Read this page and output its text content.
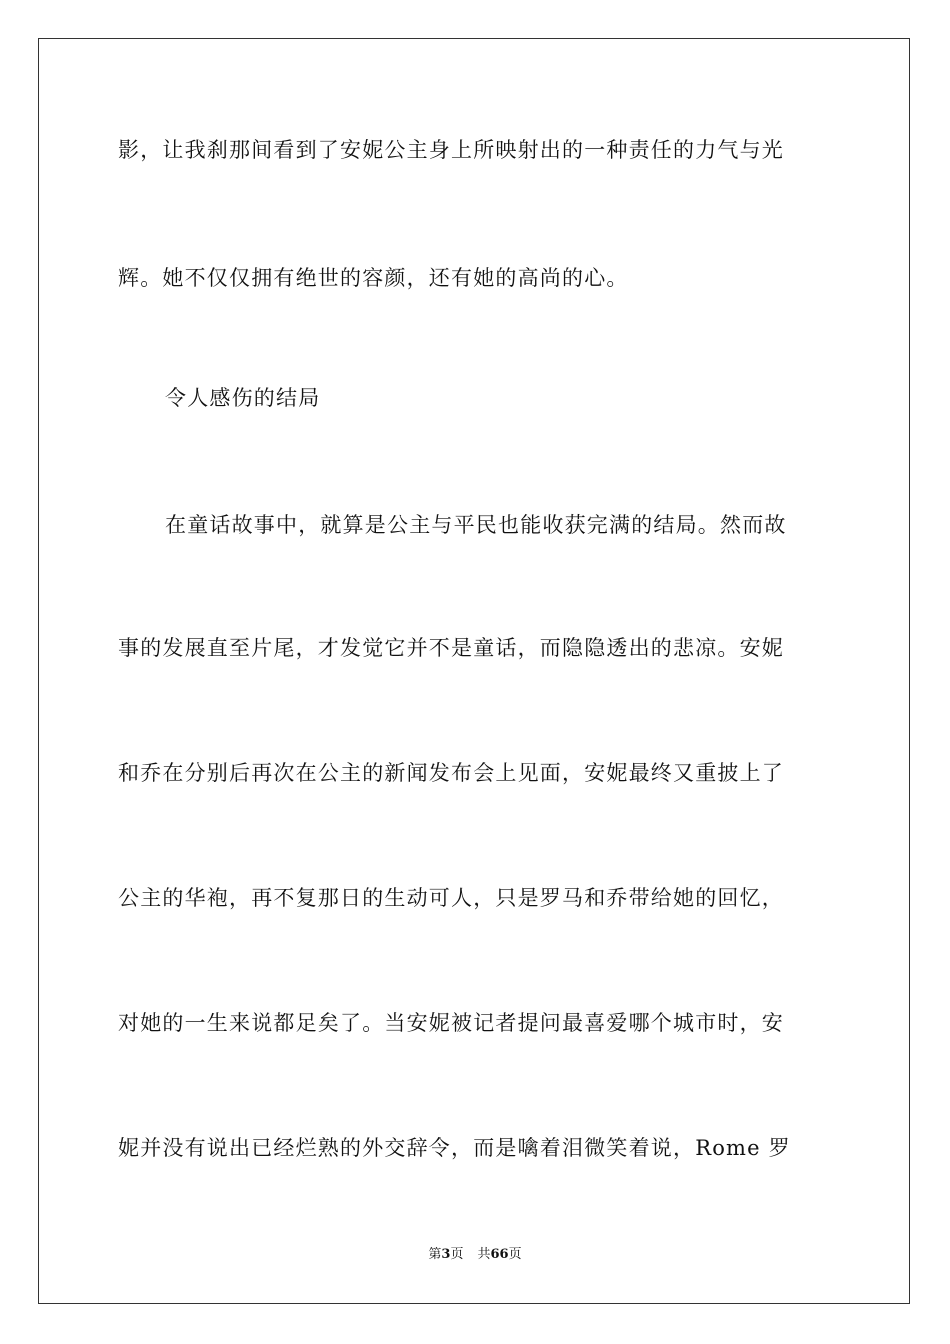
影，让我刹那间看到了安妮公主身上所映射出的一种责任的力气与光
辉。她不仅仅拥有绝世的容颜，还有她的高尚的心。
令人感伤的结局
在童话故事中，就算是公主与平民也能收获完满的结局。然而故
事的发展直至片尾，才发觉它并不是童话，而隐隐透出的悲凉。安妮
和乔在分别后再次在公主的新闻发布会上见面，安妮最终又重披上了
公主的华袍，再不复那日的生动可人，只是罗马和乔带给她的回忆，
对她的一生来说都足矣了。当安妮被记者提问最喜爱哪个城市时，安
妮并没有说出已经烂熟的外交辞令，而是噙着泪微笑着说，Rome 罗
第3页 共66页
